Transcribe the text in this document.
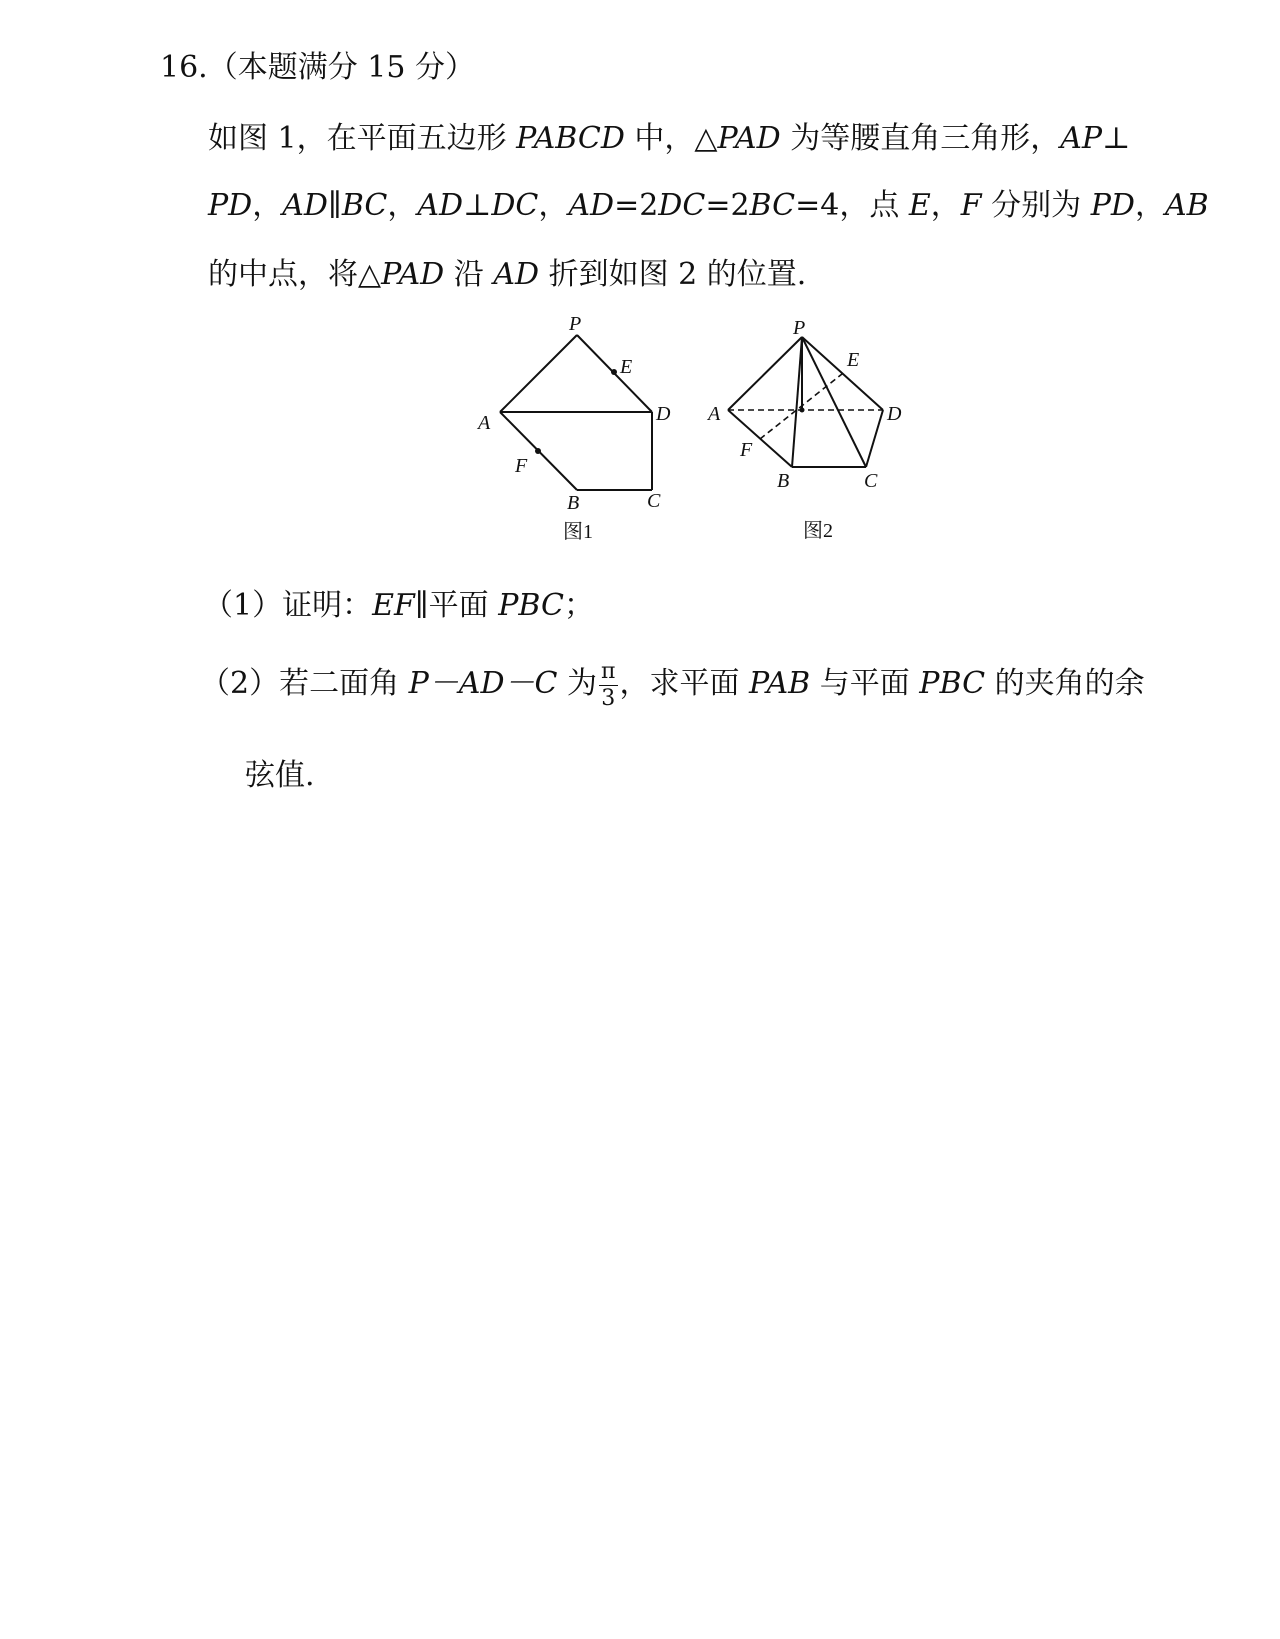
16.（本题满分 15 分）
如图 1，在平面五边形 PABCD 中，△PAD 为等腰直角三角形，AP⊥
PD，AD∥BC，AD⊥DC，AD=2DC=2BC=4，点 E，F 分别为 PD，AB
的中点，将△PAD 沿 AD 折到如图 2 的位置.
P
E
A	D
F
B	C
图1
P
E
A	D
F
B	C
图2
（1）证明：EF∥平面 PBC；
（2）若二面角 P－AD－C 为 $\frac{\pi}{3}$ ，求平面 PAB 与平面 PBC 的夹角的余
弦值.
